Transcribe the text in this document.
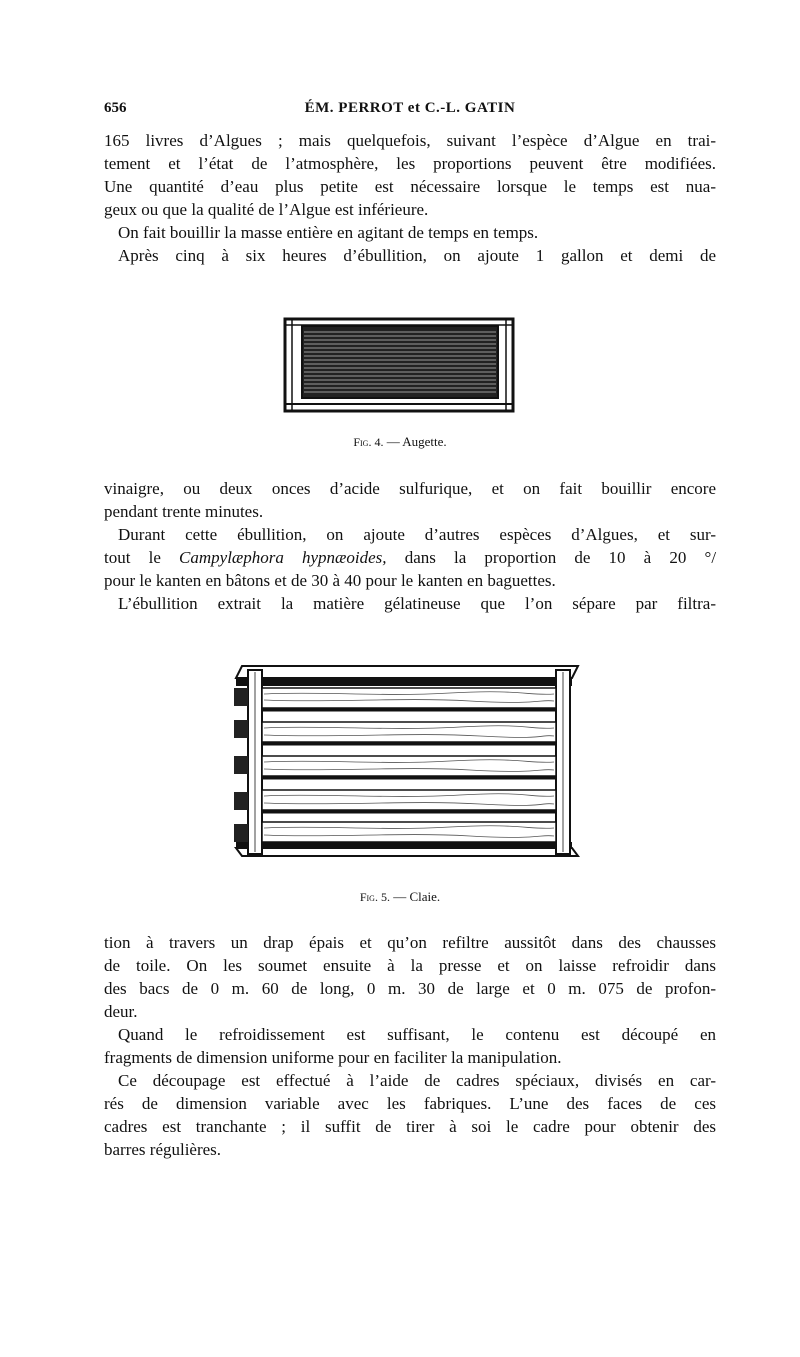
656	ÉM. PERROT et C.-L. GATIN
165 livres d’Algues ; mais quelquefois, suivant l’espèce d’Algue en trai-
tement et l’état de l’atmosphère, les proportions peuvent être modifiées.
Une quantité d’eau plus petite est nécessaire lorsque le temps est nua-
geux ou que la qualité de l’Algue est inférieure.
On fait bouillir la masse entière en agitant de temps en temps.
Après cinq à six heures d’ébullition, on ajoute 1 gallon et demi de
Fig. 4. — Augette.
vinaigre, ou deux onces d’acide sulfurique, et on fait bouillir encore
pendant trente minutes.
Durant cette ébullition, on ajoute d’autres espèces d’Algues, et sur-
tout le Campylæphora hypnæoides, dans la proportion de 10 à 20 °/
pour le kanten en bâtons et de 30 à 40 pour le kanten en baguettes.
L’ébullition extrait la matière gélatineuse que l’on sépare par filtra-
Fig. 5. — Claie.
tion à travers un drap épais et qu’on refiltre aussitôt dans des chausses
de toile. On les soumet ensuite à la presse et on laisse refroidir dans
des bacs de 0 m. 60 de long, 0 m. 30 de large et 0 m. 075 de profon-
deur.
Quand le refroidissement est suffisant, le contenu est découpé en
fragments de dimension uniforme pour en faciliter la manipulation.
Ce découpage est effectué à l’aide de cadres spéciaux, divisés en car-
rés de dimension variable avec les fabriques. L’une des faces de ces
cadres est tranchante ; il suffit de tirer à soi le cadre pour obtenir des
barres régulières.
